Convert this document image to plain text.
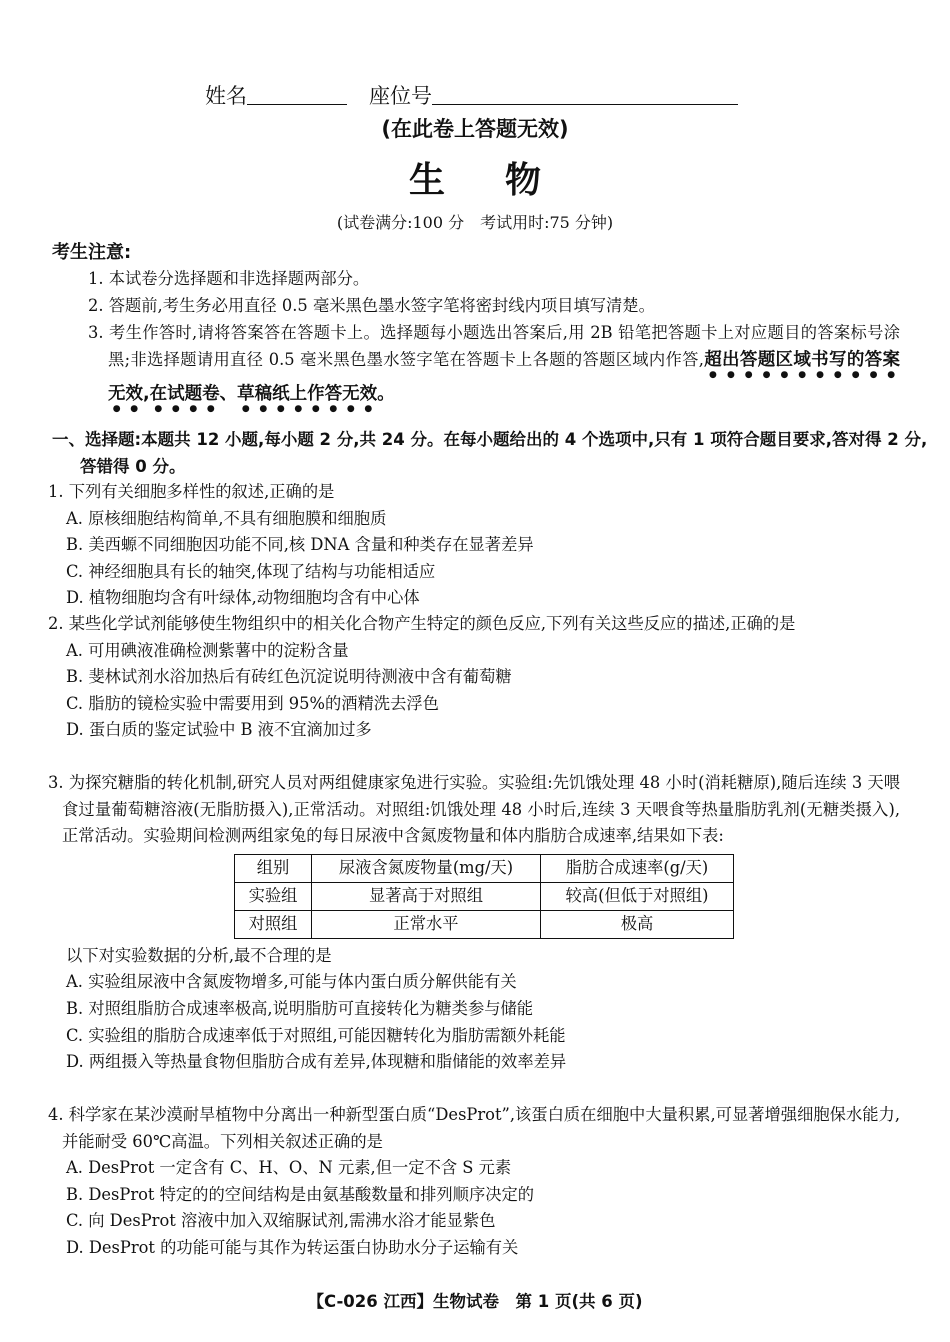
姓名	座位号
(在此卷上答题无效)
生物
(试卷满分:100 分　考试用时:75 分钟)
考生注意:
1. 本试卷分选择题和非选择题两部分。
2. 答题前,考生务必用直径 0.5 毫米黑色墨水签字笔将密封线内项目填写清楚。
3. 考生作答时,请将答案答在答题卡上。选择题每小题选出答案后,用 2B 铅笔把答题卡上对应题目的答案标号涂黑;非选择题请用直径 0.5 毫米黑色墨水签字笔在答题卡上各题的答题区域内作答,超出答题区域书写的答案无效,在试题卷、草稿纸上作答无效。
一、选择题:本题共 12 小题,每小题 2 分,共 24 分。在每小题给出的 4 个选项中,只有 1 项符合题目要求,答对得 2 分,答错得 0 分。
1. 下列有关细胞多样性的叙述,正确的是
A. 原核细胞结构简单,不具有细胞膜和细胞质
B. 美西螈不同细胞因功能不同,核 DNA 含量和种类存在显著差异
C. 神经细胞具有长的轴突,体现了结构与功能相适应
D. 植物细胞均含有叶绿体,动物细胞均含有中心体
2. 某些化学试剂能够使生物组织中的相关化合物产生特定的颜色反应,下列有关这些反应的描述,正确的是
A. 可用碘液准确检测紫薯中的淀粉含量
B. 斐林试剂水浴加热后有砖红色沉淀说明待测液中含有葡萄糖
C. 脂肪的镜检实验中需要用到 95%的酒精洗去浮色
D. 蛋白质的鉴定试验中 B 液不宜滴加过多
3. 为探究糖脂的转化机制,研究人员对两组健康家兔进行实验。实验组:先饥饿处理 48 小时(消耗糖原),随后连续 3 天喂食过量葡萄糖溶液(无脂肪摄入),正常活动。对照组:饥饿处理 48 小时后,连续 3 天喂食等热量脂肪乳剂(无糖类摄入),正常活动。实验期间检测两组家兔的每日尿液中含氮废物量和体内脂肪合成速率,结果如下表:
组别	尿液含氮废物量(mg/天)	脂肪合成速率(g/天)
实验组	显著高于对照组	较高(但低于对照组)
对照组	正常水平	极高
以下对实验数据的分析,最不合理的是
A. 实验组尿液中含氮废物增多,可能与体内蛋白质分解供能有关
B. 对照组脂肪合成速率极高,说明脂肪可直接转化为糖类参与储能
C. 实验组的脂肪合成速率低于对照组,可能因糖转化为脂肪需额外耗能
D. 两组摄入等热量食物但脂肪合成有差异,体现糖和脂储能的效率差异
4. 科学家在某沙漠耐旱植物中分离出一种新型蛋白质“DesProt”,该蛋白质在细胞中大量积累,可显著增强细胞保水能力,并能耐受 60℃高温。下列相关叙述正确的是
A. DesProt 一定含有 C、H、O、N 元素,但一定不含 S 元素
B. DesProt 特定的的空间结构是由氨基酸数量和排列顺序决定的
C. 向 DesProt 溶液中加入双缩脲试剂,需沸水浴才能显紫色
D. DesProt 的功能可能与其作为转运蛋白协助水分子运输有关
【C-026 江西】生物试卷　第 1 页(共 6 页)
